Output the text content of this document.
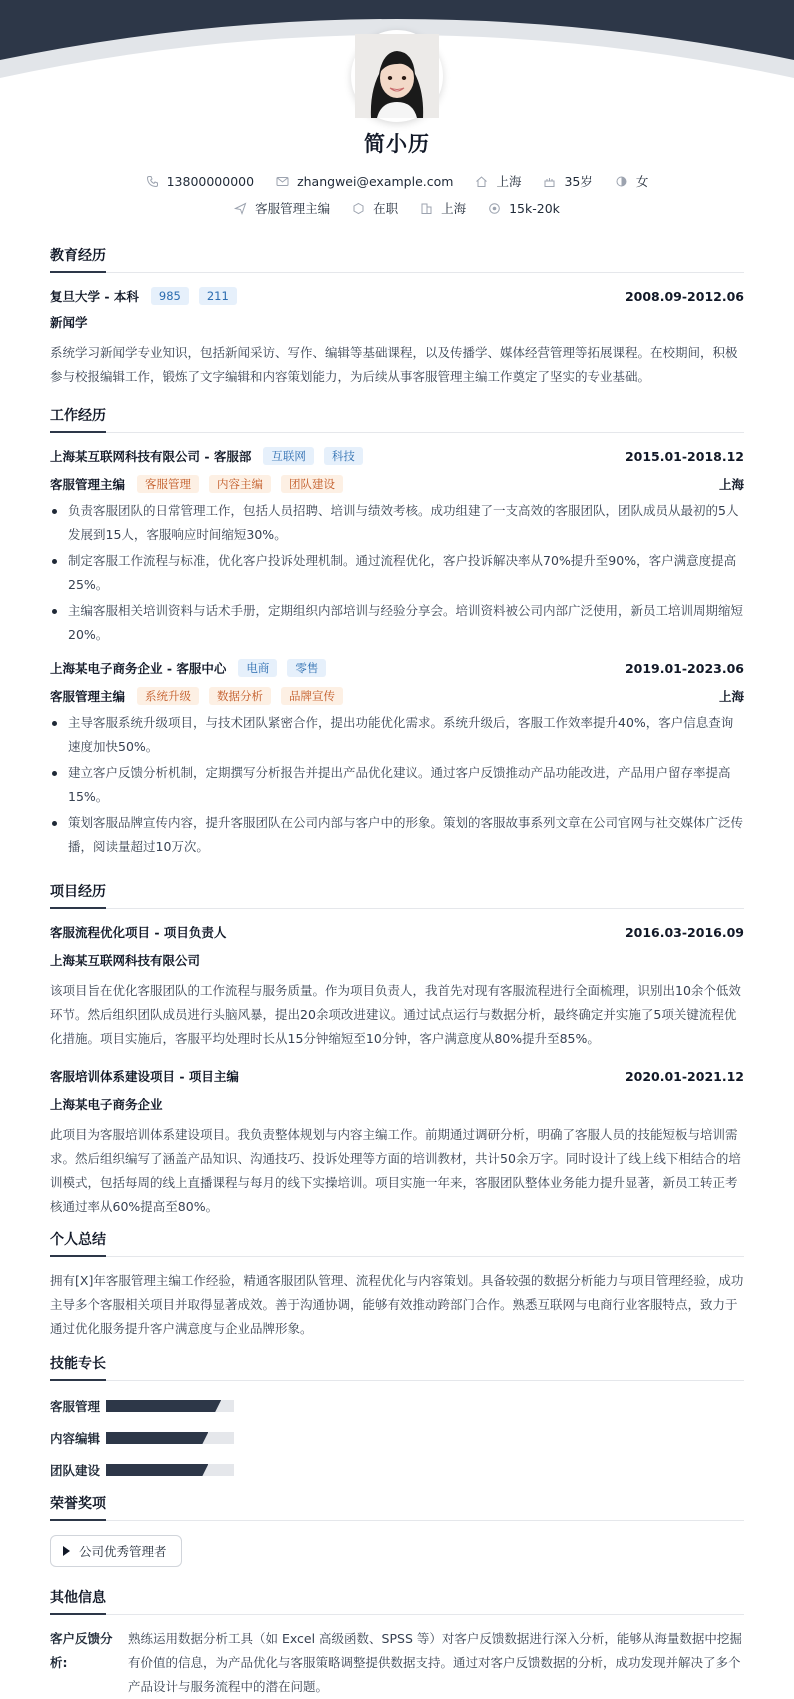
简小历
13800000000	zhangwei@example.com	上海	35岁	女
客服管理主编	在职	上海	15k-20k
教育经历
复旦大学 - 本科	985	211	2008.09-2012.06
新闻学
系统学习新闻学专业知识，包括新闻采访、写作、编辑等基础课程，以及传播学、媒体经营管理等拓展课程。在校期间，积极参与校报编辑工作，锻炼了文字编辑和内容策划能力，为后续从事客服管理主编工作奠定了坚实的专业基础。
工作经历
上海某互联网科技有限公司 - 客服部	互联网	科技	2015.01-2018.12
客服管理主编	客服管理	内容主编	团队建设	上海
负责客服团队的日常管理工作，包括人员招聘、培训与绩效考核。成功组建了一支高效的客服团队，团队成员从最初的5人发展到15人，客服响应时间缩短30%。
制定客服工作流程与标准，优化客户投诉处理机制。通过流程优化，客户投诉解决率从70%提升至90%，客户满意度提高25%。
主编客服相关培训资料与话术手册，定期组织内部培训与经验分享会。培训资料被公司内部广泛使用，新员工培训周期缩短20%。
上海某电子商务企业 - 客服中心	电商	零售	2019.01-2023.06
客服管理主编	系统升级	数据分析	品牌宣传	上海
主导客服系统升级项目，与技术团队紧密合作，提出功能优化需求。系统升级后，客服工作效率提升40%，客户信息查询速度加快50%。
建立客户反馈分析机制，定期撰写分析报告并提出产品优化建议。通过客户反馈推动产品功能改进，产品用户留存率提高15%。
策划客服品牌宣传内容，提升客服团队在公司内部与客户中的形象。策划的客服故事系列文章在公司官网与社交媒体广泛传播，阅读量超过10万次。
项目经历
客服流程优化项目 - 项目负责人	2016.03-2016.09
上海某互联网科技有限公司
该项目旨在优化客服团队的工作流程与服务质量。作为项目负责人，我首先对现有客服流程进行全面梳理，识别出10余个低效环节。然后组织团队成员进行头脑风暴，提出20余项改进建议。通过试点运行与数据分析，最终确定并实施了5项关键流程优化措施。项目实施后，客服平均处理时长从15分钟缩短至10分钟，客户满意度从80%提升至85%。
客服培训体系建设项目 - 项目主编	2020.01-2021.12
上海某电子商务企业
此项目为客服培训体系建设项目。我负责整体规划与内容主编工作。前期通过调研分析，明确了客服人员的技能短板与培训需求。然后组织编写了涵盖产品知识、沟通技巧、投诉处理等方面的培训教材，共计50余万字。同时设计了线上线下相结合的培训模式，包括每周的线上直播课程与每月的线下实操培训。项目实施一年来，客服团队整体业务能力提升显著，新员工转正考核通过率从60%提高至80%。
个人总结
拥有[X]年客服管理主编工作经验，精通客服团队管理、流程优化与内容策划。具备较强的数据分析能力与项目管理经验，成功主导多个客服相关项目并取得显著成效。善于沟通协调，能够有效推动跨部门合作。熟悉互联网与电商行业客服特点，致力于通过优化服务提升客户满意度与企业品牌形象。
技能专长
客服管理
内容编辑
团队建设
荣誉奖项
公司优秀管理者
其他信息
客户反馈分析:
熟练运用数据分析工具（如 Excel 高级函数、SPSS 等）对客户反馈数据进行深入分析，能够从海量数据中挖掘有价值的信息，为产品优化与客服策略调整提供数据支持。通过对客户反馈数据的分析，成功发现并解决了多个产品设计与服务流程中的潜在问题。
